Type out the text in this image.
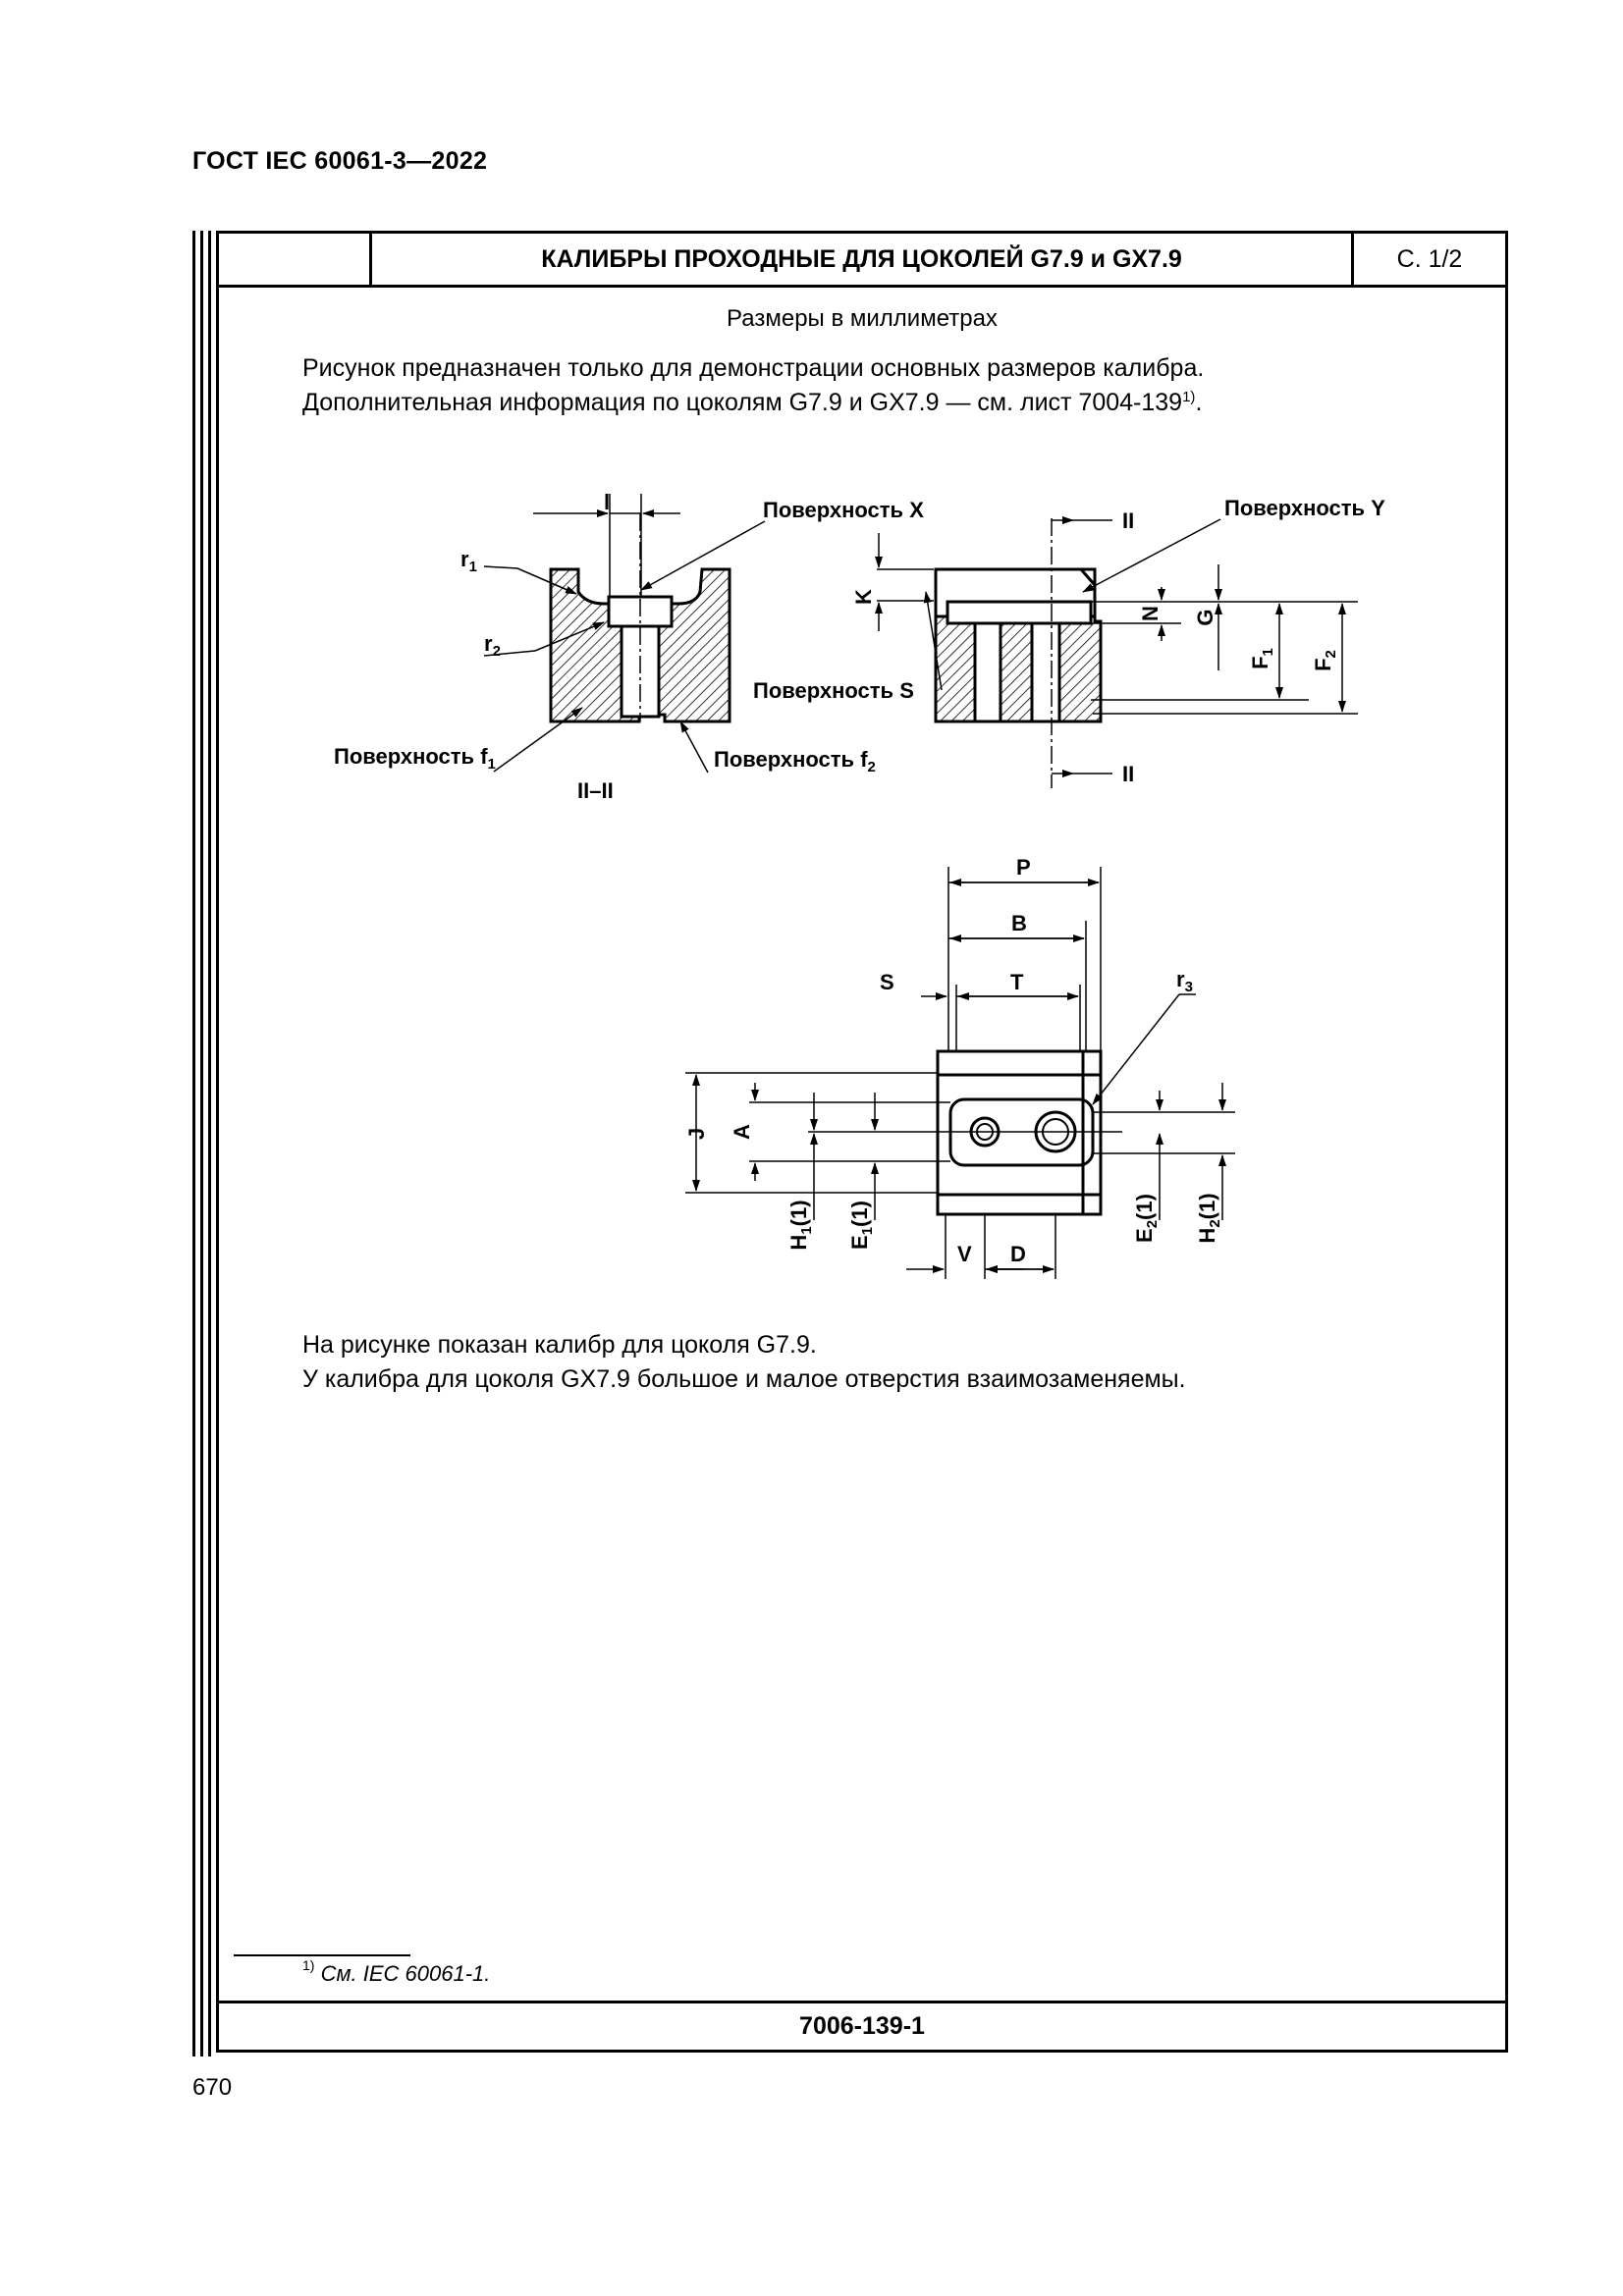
ГОСТ IEC 60061-3—2022
КАЛИБРЫ ПРОХОДНЫЕ ДЛЯ ЦОКОЛЕЙ G7.9 и GX7.9	С. 1/2
Размеры в миллиметрах
Рисунок предназначен только для демонстрации основных размеров калибра.
Дополнительная информация по цоколям G7.9 и GX7.9 — см. лист 7004-139$^{1)}$.
l
$r_1$
$r_2$
Поверхность X
Поверхность $f_1$	Поверхность $f_2$
II–II
Поверхность Y
Поверхность S
II
II
K
N G
$F_1$
$F_2$
P
B
T
S	$r_3$
J A
$H_1(1)$
$E_1(1)$
$E_2(1)$
$H_2(1)$
V D
На рисунке показан калибр для цоколя G7.9.
У калибра для цоколя GX7.9 большое и малое отверстия взаимозаменяемы.
$^{1)}$ См. IEC 60061-1.
7006-139-1
670
